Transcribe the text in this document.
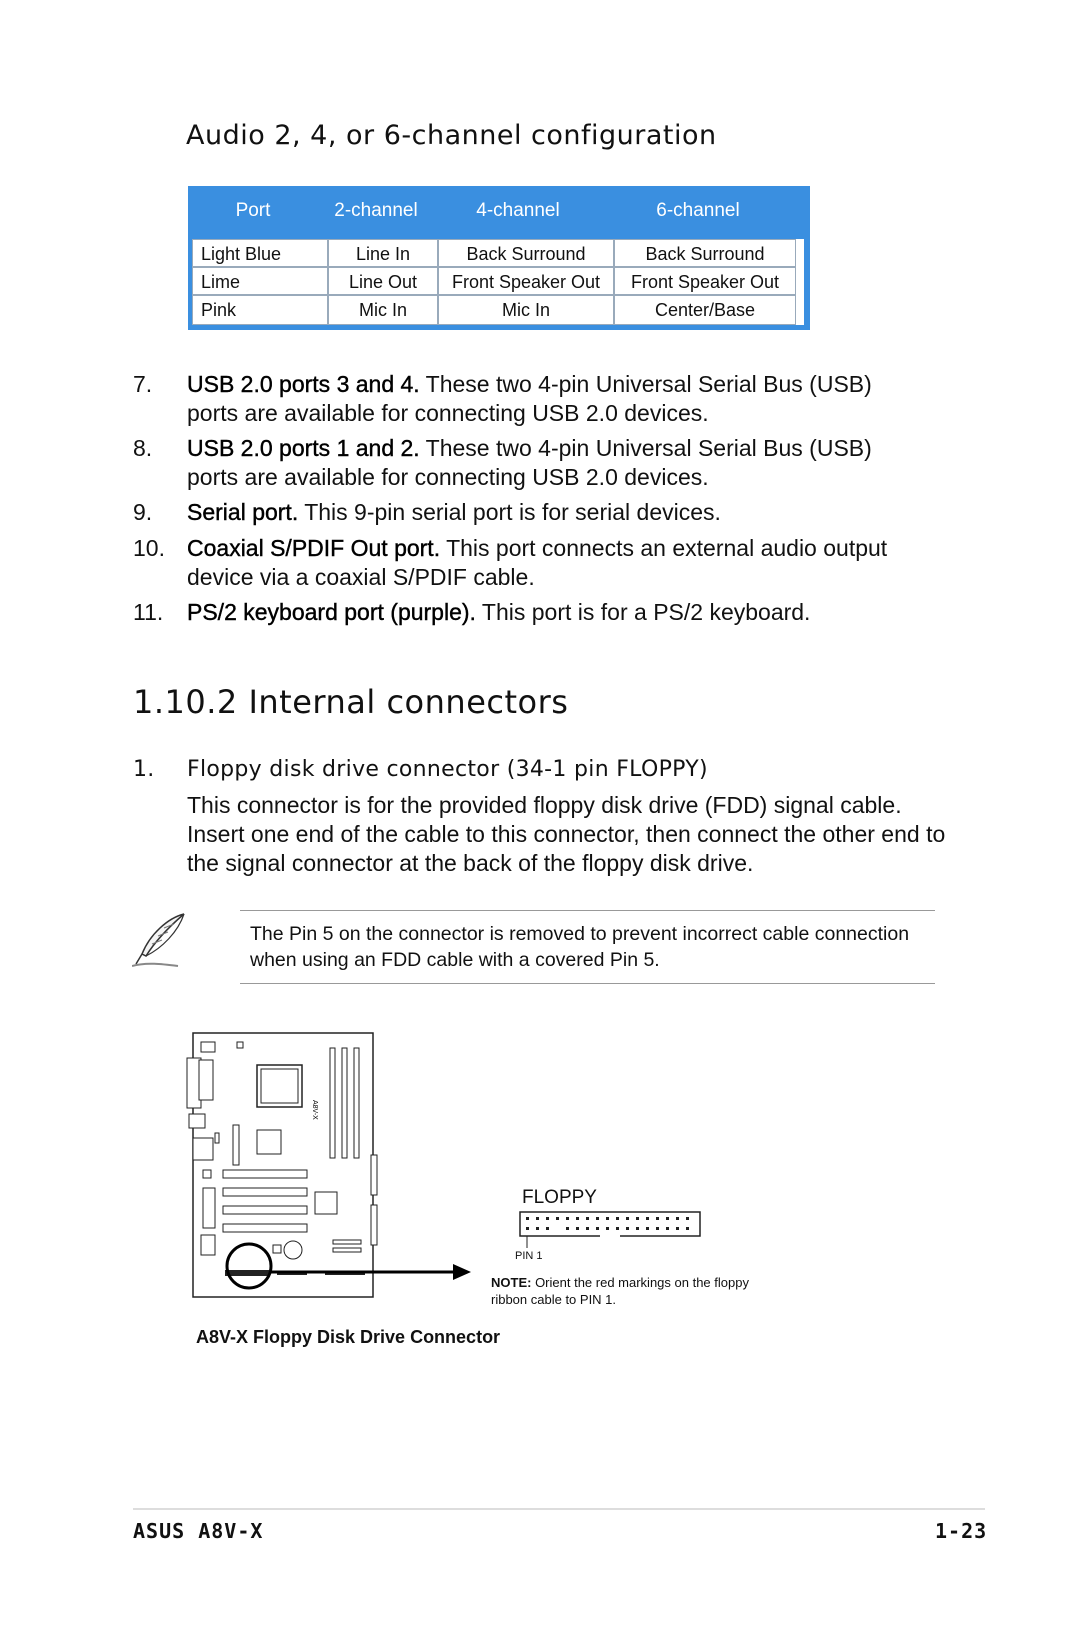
Audio 2, 4, or 6-channel configuration
Port	2-channel	4-channel	6-channel
Light Blue	Line In	Back Surround	Back Surround
Lime	Line Out	Front Speaker Out	Front Speaker Out
Pink	Mic In	Mic In	Center/Base
7. USB 2.0 ports 3 and 4. These two 4-pin Universal Serial Bus (USB) ports are available for connecting USB 2.0 devices.
8. USB 2.0 ports 1 and 2. These two 4-pin Universal Serial Bus (USB) ports are available for connecting USB 2.0 devices.
9. Serial port. This 9-pin serial port is for serial devices.
10. Coaxial S/PDIF Out port. This port connects an external audio output device via a coaxial S/PDIF cable.
11. PS/2 keyboard port (purple). This port is for a PS/2 keyboard.
1.10.2 Internal connectors
1. Floppy disk drive connector (34-1 pin FLOPPY)
This connector is for the provided floppy disk drive (FDD) signal cable. Insert one end of the cable to this connector, then connect the other end to the signal connector at the back of the floppy disk drive.
The Pin 5 on the connector is removed to prevent incorrect cable connection when using an FDD cable with a covered Pin 5.
A8V-X
FLOPPY
PIN 1
NOTE: Orient the red markings on the floppy ribbon cable to PIN 1.
A8V-X Floppy Disk Drive Connector
ASUS A8V-X	1-23
